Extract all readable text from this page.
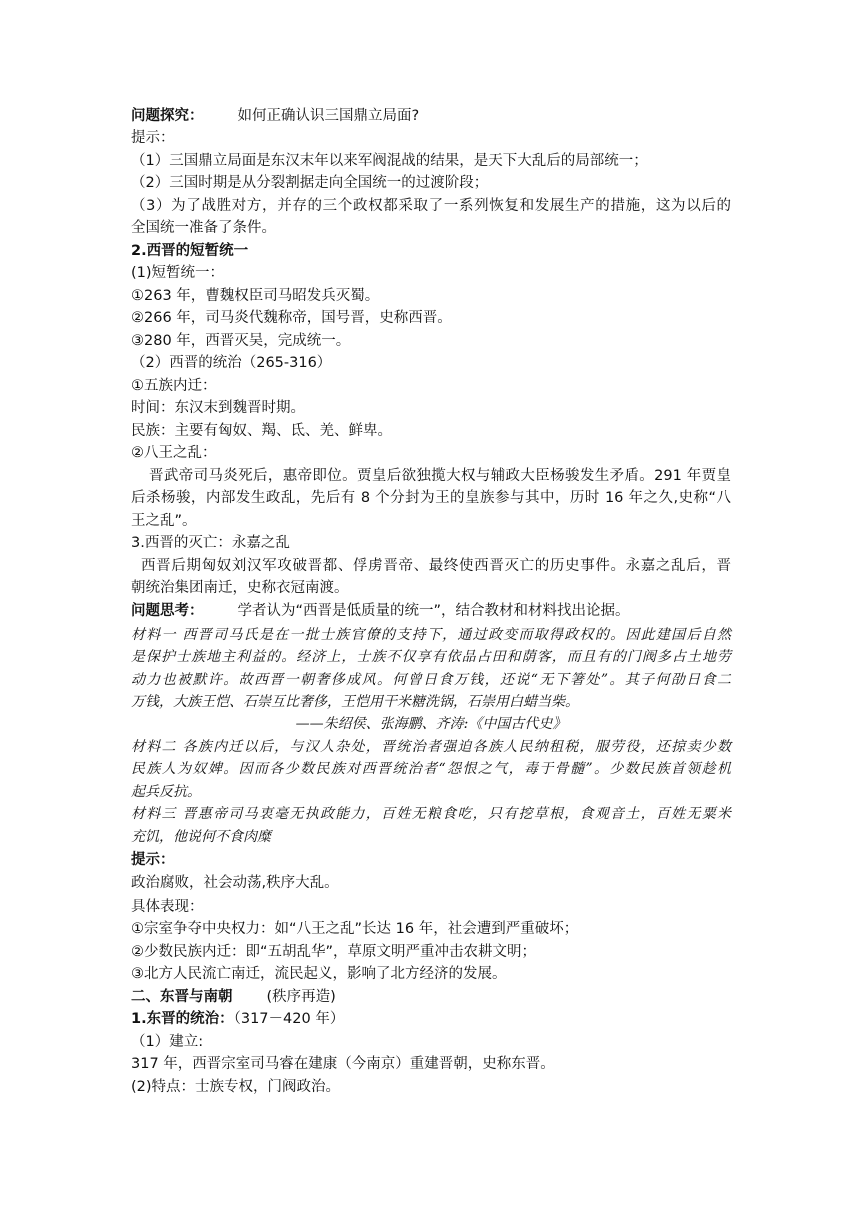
问题探究： 如何正确认识三国鼎立局面?
提示：
（1）三国鼎立局面是东汉末年以来军阀混战的结果，是天下大乱后的局部统一；
（2）三国时期是从分裂割据走向全国统一的过渡阶段；
（3）为了战胜对方，并存的三个政权都采取了一系列恢复和发展生产的措施，这为以后的
全国统一准备了条件。
2.西晋的短暂统一
(1)短暂统一：
①263 年，曹魏权臣司马昭发兵灭蜀。
②266 年，司马炎代魏称帝，国号晋，史称西晋。
③280 年，西晋灭吴，完成统一。
（2）西晋的统治（265-316）
①五族内迁：
时间：东汉末到魏晋时期。
民族：主要有匈奴、羯、氐、羌、鲜卑。
②八王之乱：
晋武帝司马炎死后，惠帝即位。贾皇后欲独揽大权与辅政大臣杨骏发生矛盾。291 年贾皇
后杀杨骏，内部发生政乱，先后有 8 个分封为王的皇族参与其中，历时 16 年之久,史称“八
王之乱”。
3.西晋的灭亡：永嘉之乱
西晋后期匈奴刘汉军攻破晋都、俘虏晋帝、最终使西晋灭亡的历史事件。永嘉之乱后，晋
朝统治集团南迁，史称衣冠南渡。
问题思考： 学者认为“西晋是低质量的统一”，结合教材和材料找出论据。
材料一 西晋司马氏是在一批士族官僚的支持下，通过政变而取得政权的。因此建国后自然
是保护士族地主利益的。经济上，士族不仅享有依品占田和荫客，而且有的门阀多占土地劳
动力也被默许。故西晋一朝奢侈成风。何曾日食万钱，还说“无下箸处”。其子何劭日食二
万钱，大族王恺、石崇互比奢侈，王恺用干米糖洗锅，石崇用白蜡当柴。
——朱绍侯、张海鹏、齐涛:《中国古代史》
材料二 各族内迁以后，与汉人杂处，晋统治者强迫各族人民纳租税，服劳役，还掠卖少数
民族人为奴婢。因而各少数民族对西晋统治者“怨恨之气，毒于骨髓”。少数民族首领趁机
起兵反抗。
材料三 晋惠帝司马衷毫无执政能力，百姓无粮食吃，只有挖草根，食观音土，百姓无粟米
充饥，他说何不食肉糜
提示：
政治腐败，社会动荡,秩序大乱。
具体表现：
①宗室争夺中央权力：如“八王之乱”长达 16 年，社会遭到严重破坏；
②少数民族内迁：即“五胡乱华”，草原文明严重冲击农耕文明；
③北方人民流亡南迁，流民起义，影响了北方经济的发展。
二、东晋与南朝 (秩序再造)
1.东晋的统治：（317－420 年）
（1）建立:
317 年，西晋宗室司马睿在建康（今南京）重建晋朝，史称东晋。
(2)特点：士族专权，门阀政治。
